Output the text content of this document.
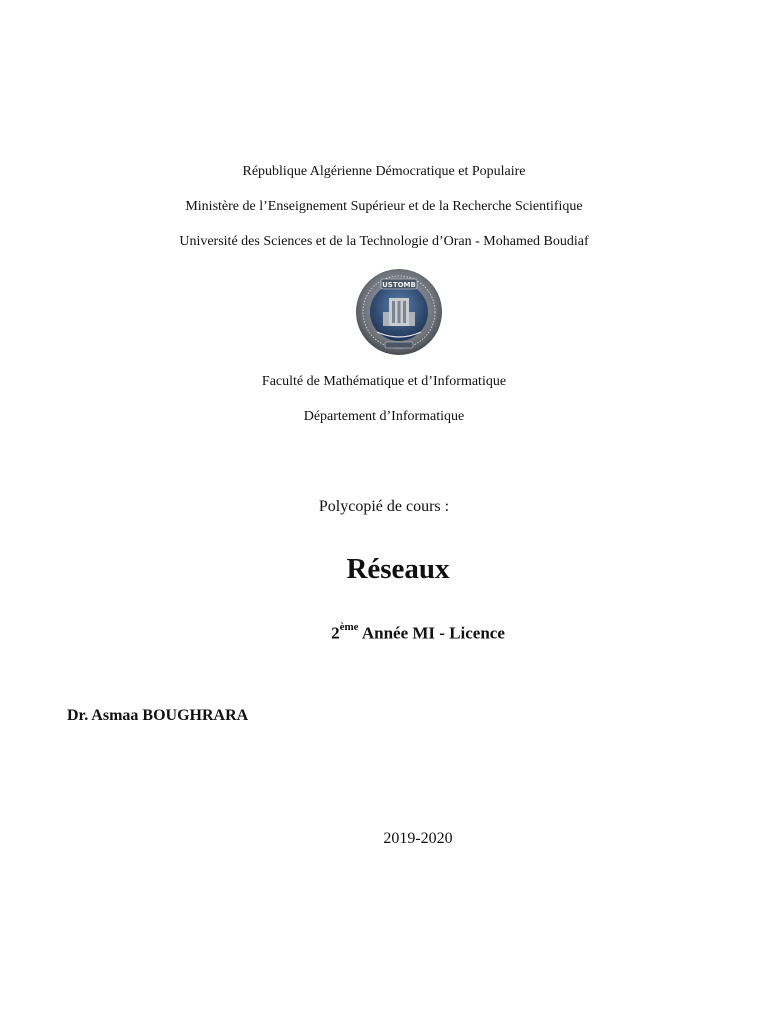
République Algérienne Démocratique et Populaire
Ministère de l’Enseignement Supérieur et de la Recherche Scientifique
Université des Sciences et de la Technologie d’Oran - Mohamed Boudiaf
USTOMB
Faculté de Mathématique et d’Informatique
Département d’Informatique
Polycopié de cours :
Réseaux
2ème Année MI - Licence
Dr. Asmaa BOUGHRARA
2019-2020
